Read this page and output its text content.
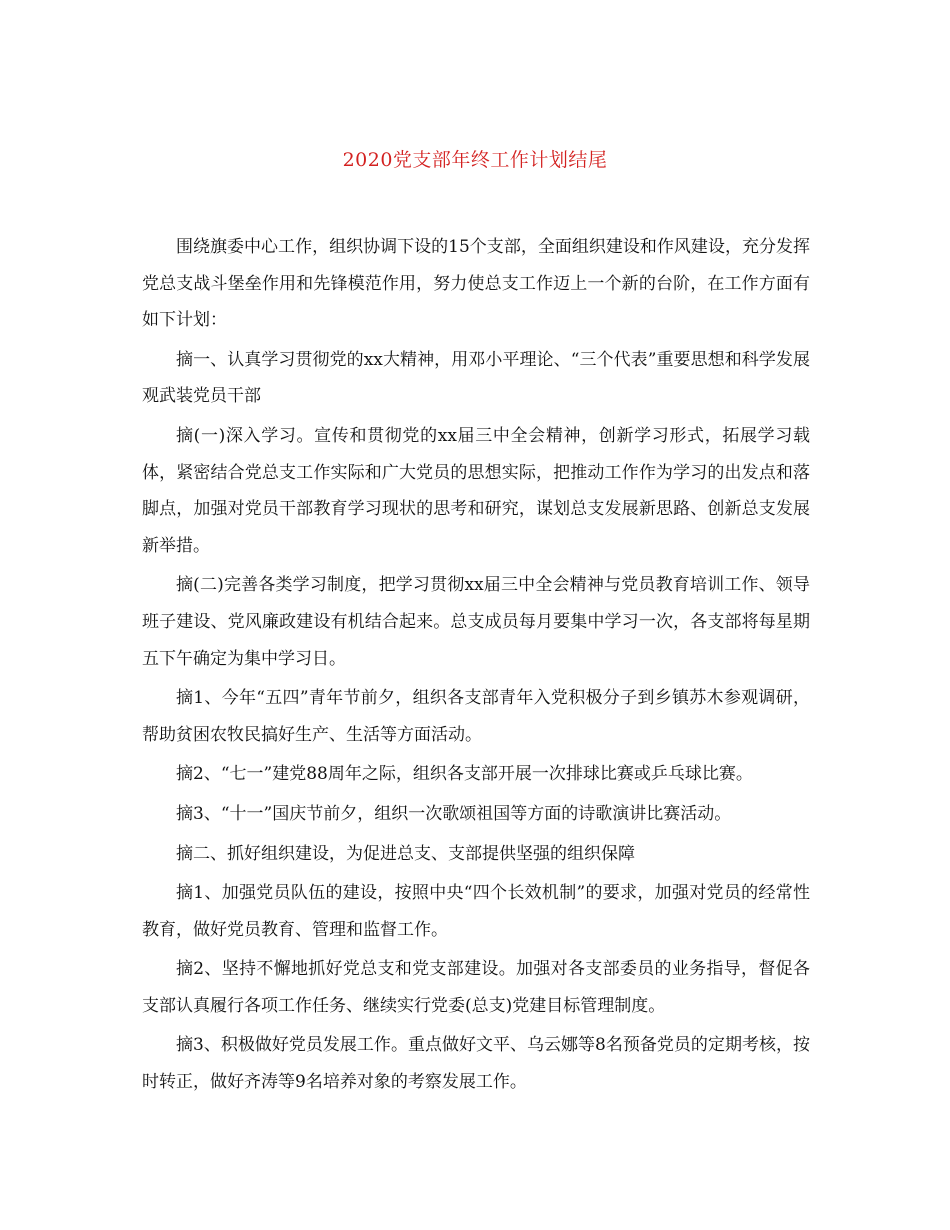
2020党支部年终工作计划结尾

围绕旗委中心工作，组织协调下设的15个支部，全面组织建设和作风建设，充分发挥党总支战斗堡垒作用和先锋模范作用，努力使总支工作迈上一个新的台阶，在工作方面有如下计划：

摘一、认真学习贯彻党的xx大精神，用邓小平理论、“三个代表”重要思想和科学发展观武装党员干部

摘(一)深入学习。宣传和贯彻党的xx届三中全会精神，创新学习形式，拓展学习载体，紧密结合党总支工作实际和广大党员的思想实际，把推动工作作为学习的出发点和落脚点，加强对党员干部教育学习现状的思考和研究，谋划总支发展新思路、创新总支发展新举措。

摘(二)完善各类学习制度，把学习贯彻xx届三中全会精神与党员教育培训工作、领导班子建设、党风廉政建设有机结合起来。总支成员每月要集中学习一次，各支部将每星期五下午确定为集中学习日。

摘1、今年“五四”青年节前夕，组织各支部青年入党积极分子到乡镇苏木参观调研，帮助贫困农牧民搞好生产、生活等方面活动。

摘2、“七一”建党88周年之际，组织各支部开展一次排球比赛或乒乓球比赛。

摘3、“十一”国庆节前夕，组织一次歌颂祖国等方面的诗歌演讲比赛活动。

摘二、抓好组织建设，为促进总支、支部提供坚强的组织保障

摘1、加强党员队伍的建设，按照中央“四个长效机制”的要求，加强对党员的经常性教育，做好党员教育、管理和监督工作。

摘2、坚持不懈地抓好党总支和党支部建设。加强对各支部委员的业务指导，督促各支部认真履行各项工作任务、继续实行党委(总支)党建目标管理制度。

摘3、积极做好党员发展工作。重点做好文平、乌云娜等8名预备党员的定期考核，按时转正，做好齐涛等9名培养对象的考察发展工作。
